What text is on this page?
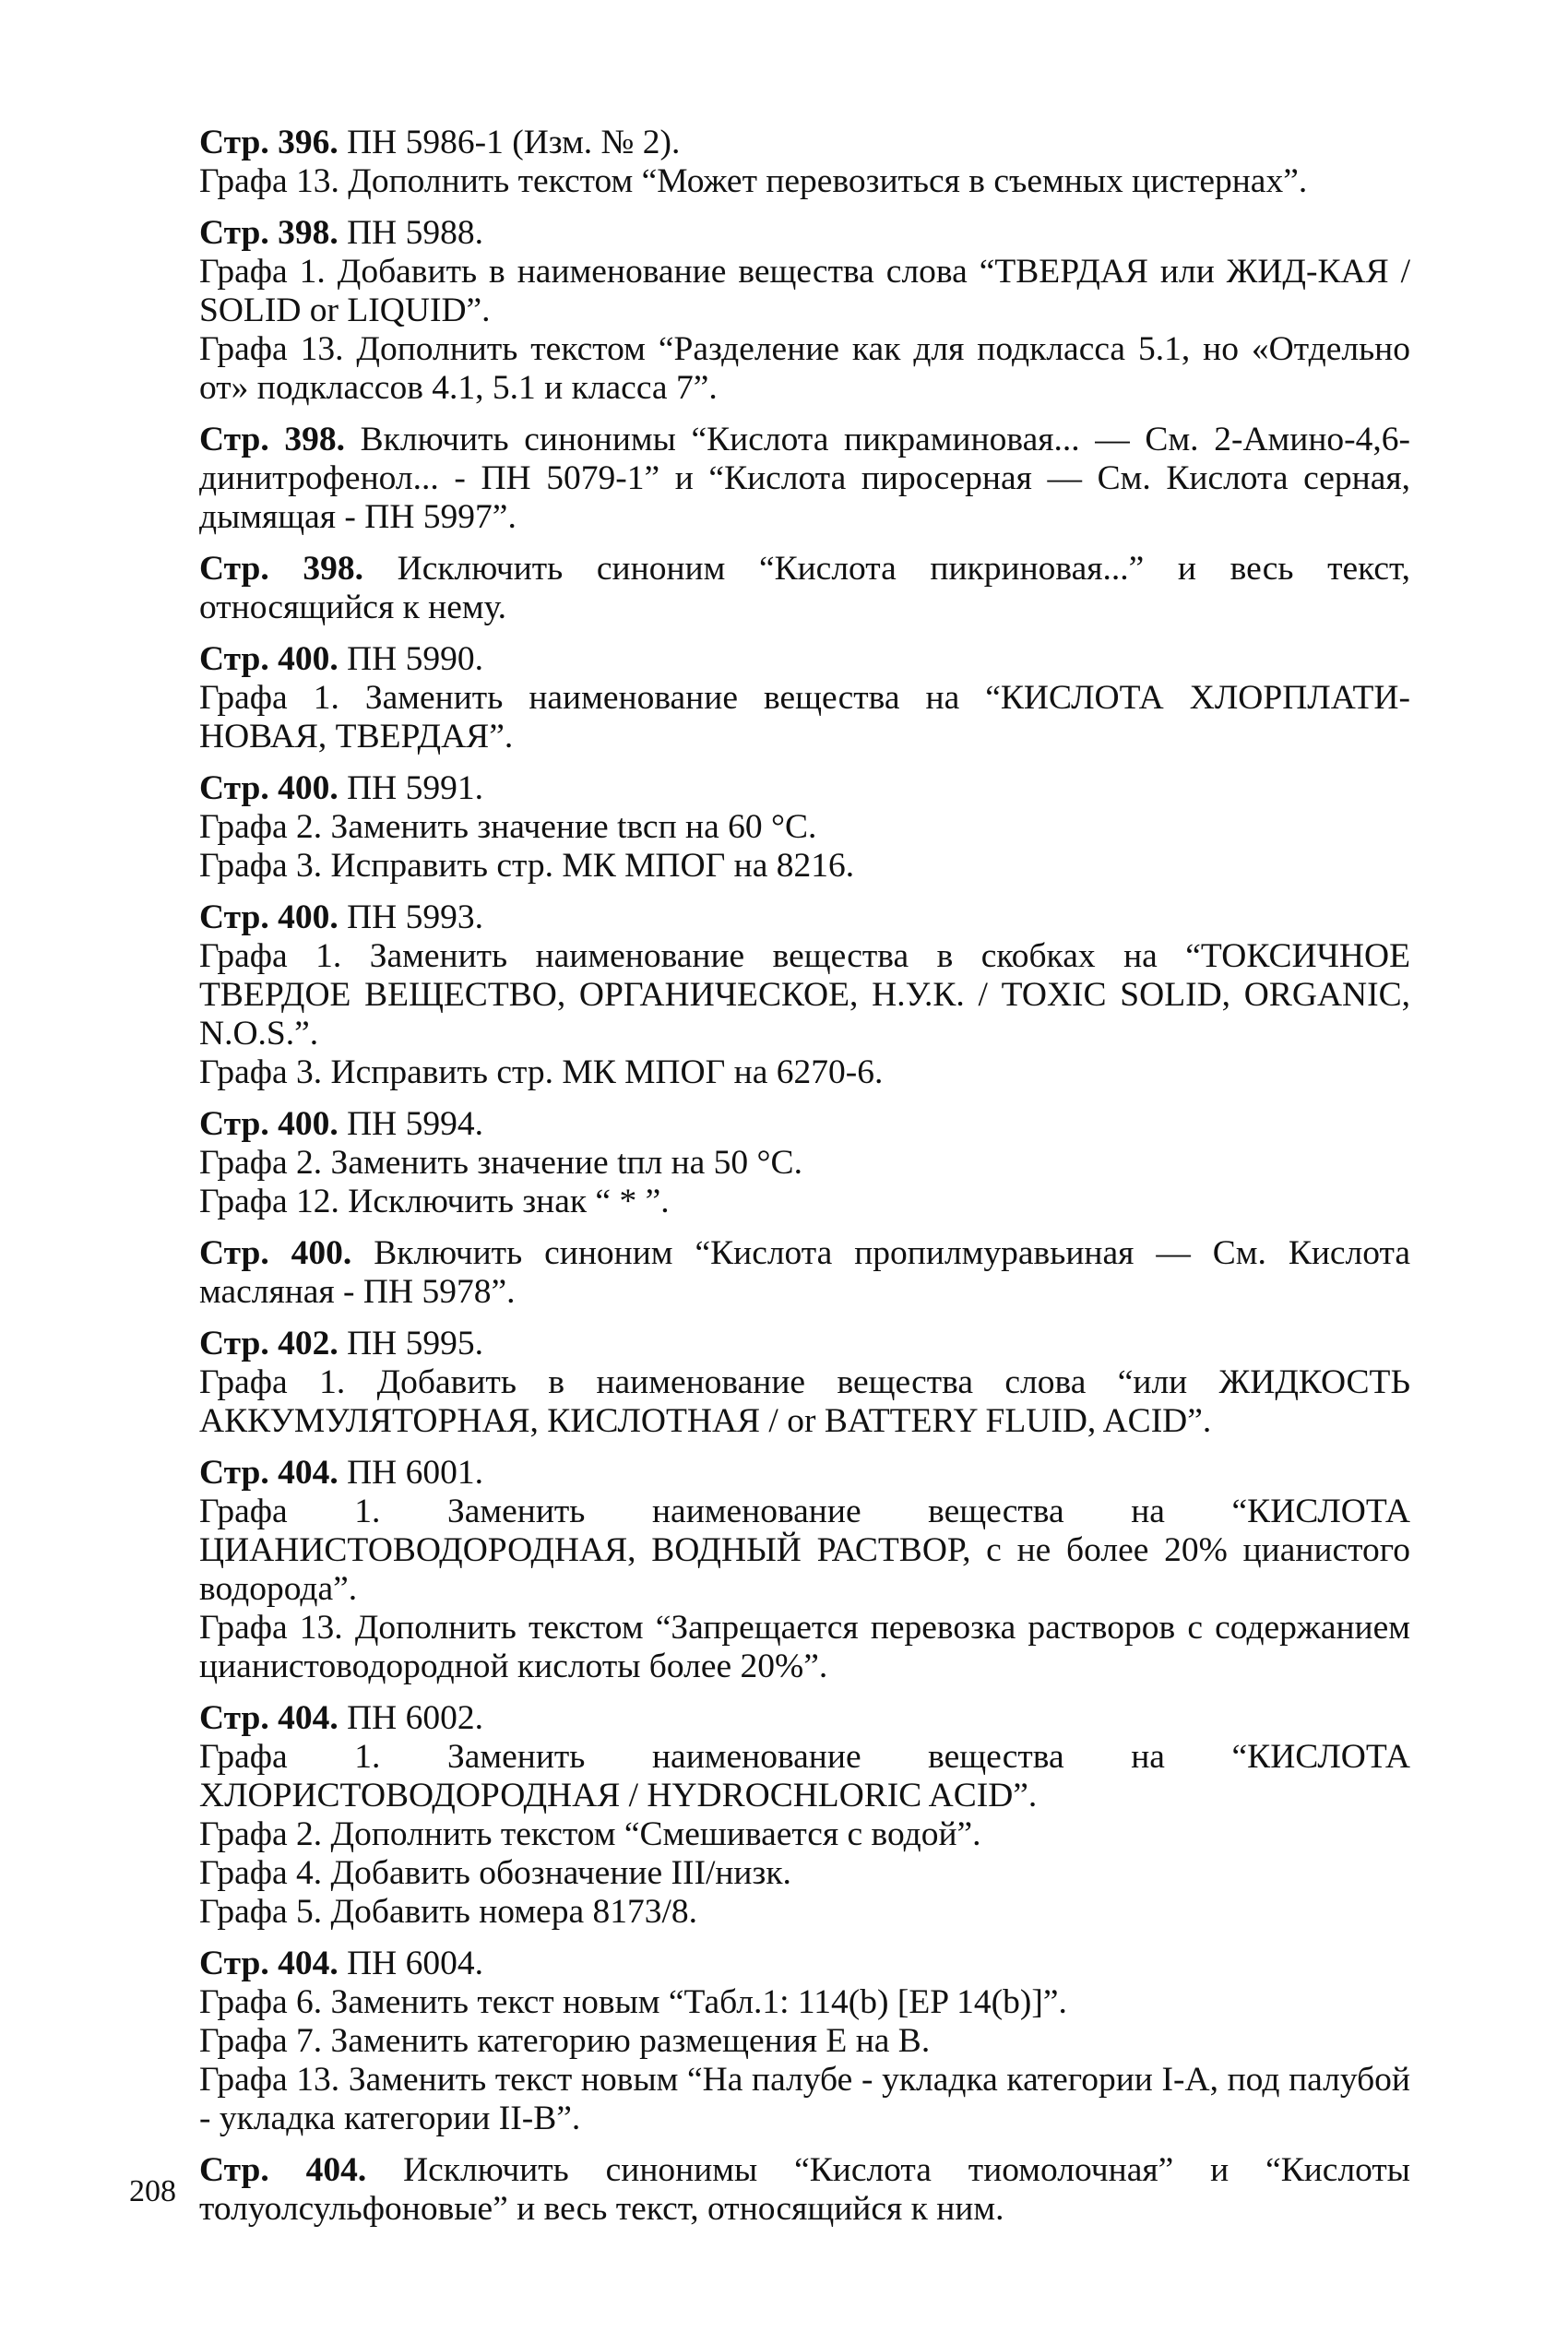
Стр. 396. ПН 5986-1 (Изм. № 2).

Графа 13. Дополнить текстом “Может перевозиться в съемных цистернах”.

Стр. 398. ПН 5988.

Графа 1. Добавить в наименование вещества слова “ТВЕРДАЯ или ЖИД-КАЯ / SOLID or LIQUID”.

Графа 13. Дополнить текстом “Разделение как для подкласса 5.1, но «Отдельно от» подклассов 4.1, 5.1 и класса 7”.

Стр. 398. Включить синонимы “Кислота пикраминовая... — См. 2-Амино-4,6-динитрофенол... - ПН 5079-1” и “Кислота пиросерная — См. Кислота серная, дымящая - ПН 5997”.

Стр. 398. Исключить синоним “Кислота пикриновая...” и весь текст, относящийся к нему.

Стр. 400. ПН 5990.

Графа 1. Заменить наименование вещества на “КИСЛОТА ХЛОРПЛАТИ-НОВАЯ, ТВЕРДАЯ”.

Стр. 400. ПН 5991.

Графа 2. Заменить значение tвсп на 60 °C.

Графа 3. Исправить стр. МК МПОГ на 8216.

Стр. 400. ПН 5993.

Графа 1. Заменить наименование вещества в скобках на “ТОКСИЧНОЕ ТВЕРДОЕ ВЕЩЕСТВО, ОРГАНИЧЕСКОЕ, Н.У.К. / TOXIC SOLID, ORGANIC, N.O.S.”.

Графа 3. Исправить стр. МК МПОГ на 6270-6.

Стр. 400. ПН 5994.

Графа 2. Заменить значение tпл на 50 °C.

Графа 12. Исключить знак “ * ”.

Стр. 400. Включить синоним “Кислота пропилмуравьиная — См. Кислота масляная - ПН 5978”.

Стр. 402. ПН 5995.

Графа 1. Добавить в наименование вещества слова “или ЖИДКОСТЬ АККУМУЛЯТОРНАЯ, КИСЛОТНАЯ / or BATTERY FLUID, ACID”.

Стр. 404. ПН 6001.

Графа 1. Заменить наименование вещества на “КИСЛОТА ЦИАНИСТОВОДОРОДНАЯ, ВОДНЫЙ РАСТВОР, с не более 20% цианистого водорода”.

Графа 13. Дополнить текстом “Запрещается перевозка растворов с содержанием цианистоводородной кислоты более 20%”.

Стр. 404. ПН 6002.

Графа 1. Заменить наименование вещества на “КИСЛОТА ХЛОРИСТОВОДОРОДНАЯ / HYDROCHLORIC ACID”.

Графа 2. Дополнить текстом “Смешивается с водой”.

Графа 4. Добавить обозначение III/низк.

Графа 5. Добавить номера 8173/8.

Стр. 404. ПН 6004.

Графа 6. Заменить текст новым “Табл.1: 114(b) [EP 14(b)]”.

Графа 7. Заменить категорию размещения E на B.

Графа 13. Заменить текст новым “На палубе - укладка категории I-A, под палубой - укладка категории II-B”.

Стр. 404. Исключить синонимы “Кислота тиомолочная” и “Кислоты толуолсульфоновые” и весь текст, относящийся к ним.

208
